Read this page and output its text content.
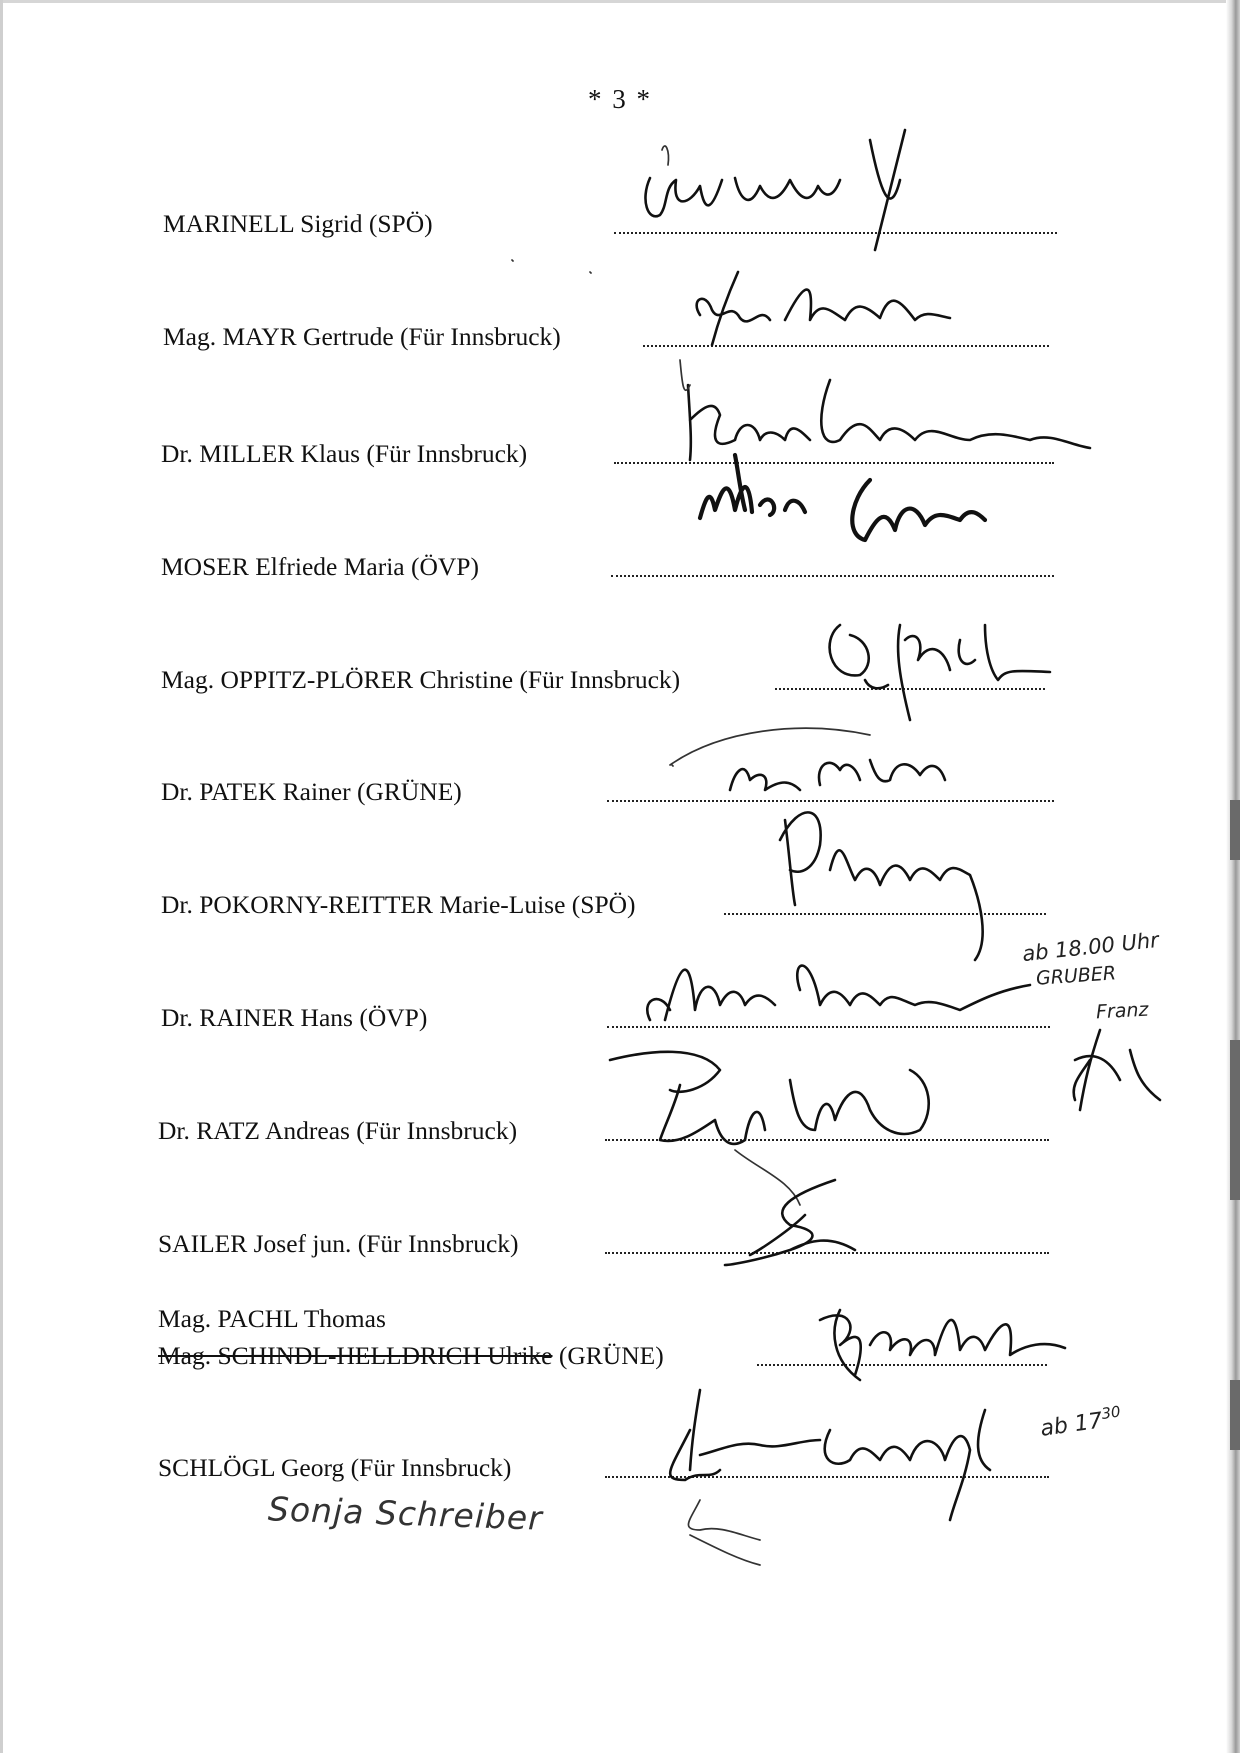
* 3 *
MARINELL Sigrid (SPÖ)
Mag. MAYR Gertrude (Für Innsbruck)
Dr. MILLER Klaus (Für Innsbruck)
MOSER Elfriede Maria (ÖVP)
Mag. OPPITZ-PLÖRER Christine (Für Innsbruck)
Dr. PATEK Rainer (GRÜNE)
Dr. POKORNY-REITTER Marie-Luise (SPÖ)
Dr. RAINER Hans (ÖVP)
Dr. RATZ Andreas (Für Innsbruck)
SAILER Josef jun. (Für Innsbruck)
Mag. PACHL Thomas
Mag. SCHINDL-HELLDRICH Ulrike (GRÜNE)
SCHLÖGL Georg (Für Innsbruck)
ab 18.00 Uhr
GRUBER
Franz
ab $17^{30}$
Sonja Schreiber
